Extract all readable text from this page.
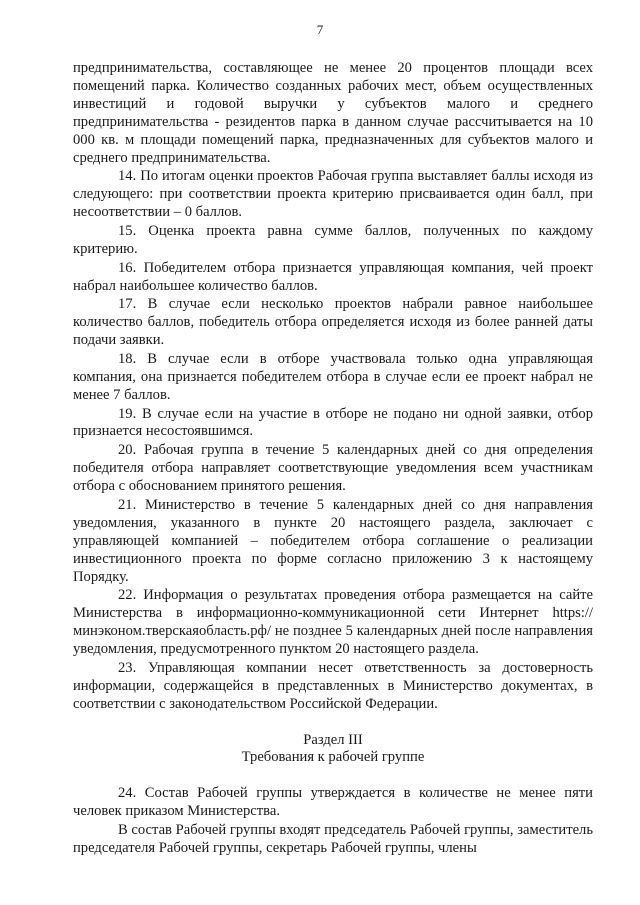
7

предпринимательства, составляющее не менее 20 процентов площади всех помещений парка. Количество созданных рабочих мест, объем осуществленных инвестиций и годовой выручки у субъектов малого и среднего предпринимательства - резидентов парка в данном случае рассчитывается на 10 000 кв. м площади помещений парка, предназначенных для субъектов малого и среднего предпринимательства.

14. По итогам оценки проектов Рабочая группа выставляет баллы исходя из следующего: при соответствии проекта критерию присваивается один балл, при несоответствии – 0 баллов.

15. Оценка проекта равна сумме баллов, полученных по каждому критерию.

16. Победителем отбора признается управляющая компания, чей проект набрал наибольшее количество баллов.

17. В случае если несколько проектов набрали равное наибольшее количество баллов, победитель отбора определяется исходя из более ранней даты подачи заявки.

18. В случае если в отборе участвовала только одна управляющая компания, она признается победителем отбора в случае если ее проект набрал не менее 7 баллов.

19. В случае если на участие в отборе не подано ни одной заявки, отбор признается несостоявшимся.

20. Рабочая группа в течение 5 календарных дней со дня определения победителя отбора направляет соответствующие уведомления всем участникам отбора с обоснованием принятого решения.

21. Министерство в течение 5 календарных дней со дня направления уведомления, указанного в пункте 20 настоящего раздела, заключает с управляющей компанией – победителем отбора соглашение о реализации инвестиционного проекта по форме согласно приложению 3 к настоящему Порядку.

22. Информация о результатах проведения отбора размещается на сайте Министерства в информационно-коммуникационной сети Интернет https://минэконом.тверскаяобласть.рф/ не позднее 5 календарных дней после направления уведомления, предусмотренного пунктом 20 настоящего раздела.

23. Управляющая компании несет ответственность за достоверность информации, содержащейся в представленных в Министерство документах, в соответствии с законодательством Российской Федерации.

Раздел III
Требования к рабочей группе

24. Состав Рабочей группы утверждается в количестве не менее пяти человек приказом Министерства.

В состав Рабочей группы входят председатель Рабочей группы, заместитель председателя Рабочей группы, секретарь Рабочей группы, члены
